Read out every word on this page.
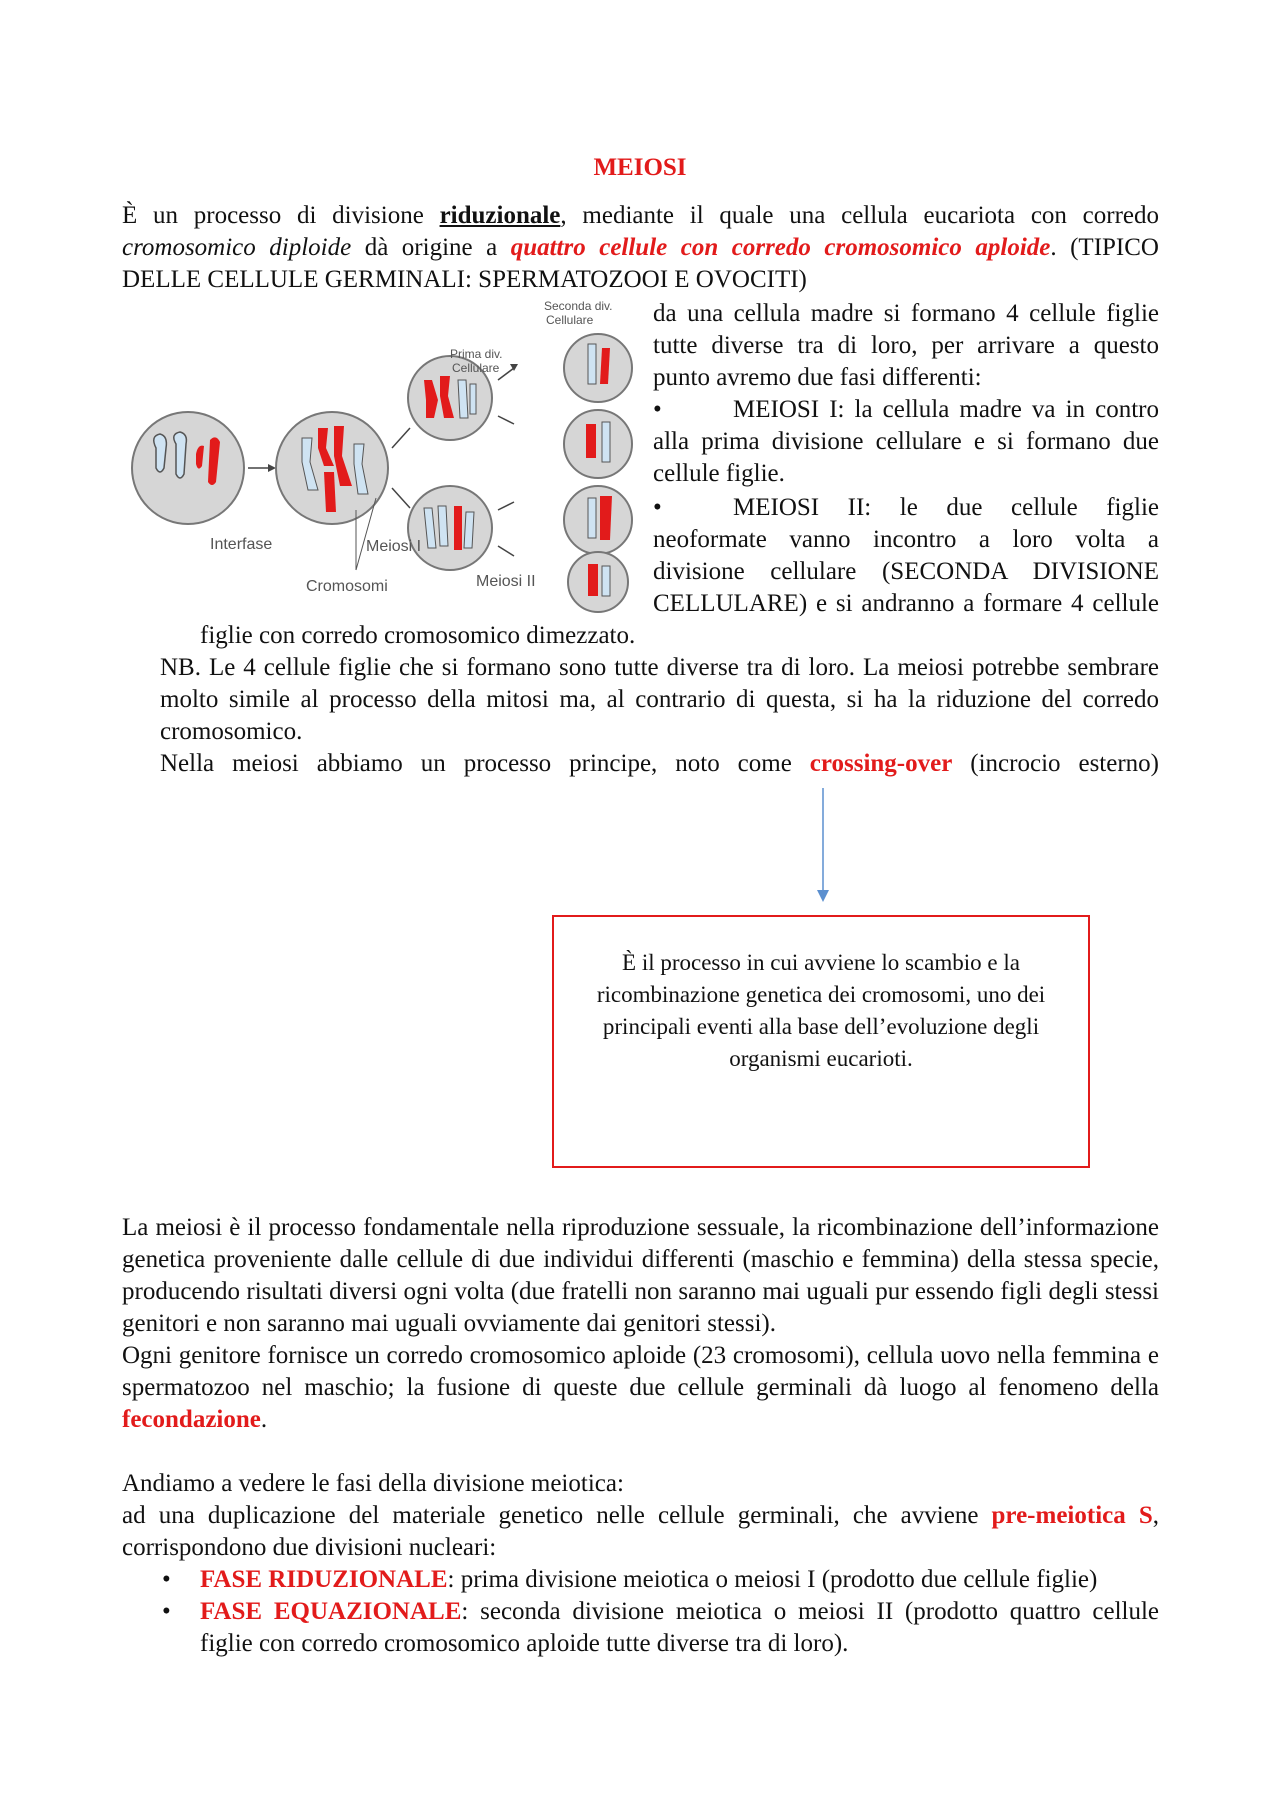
MEIOSI
È un processo di divisione riduzionale, mediante il quale una cellula eucariota con corredo cromosomico diploide dà origine a quattro cellule con corredo cromosomico aploide. (TIPICO DELLE CELLULE GERMINALI: SPERMATOZOOI E OVOCITI)
Seconda div.
Cellulare
Prima div.
Cellulare
Interfase	Meiosi I
Cromosomi	Meiosi II
da una cellula madre si formano 4 cellule figlie tutte diverse tra di loro, per arrivare a questo punto avremo due fasi differenti:
•	MEIOSI I: la cellula madre va in contro alla prima divisione cellulare e si formano due cellule figlie.
•	MEIOSI II: le due cellule figlie neoformate vanno incontro a loro volta a divisione cellulare (SECONDA DIVISIONE CELLULARE) e si andranno a formare 4 cellule
figlie con corredo cromosomico dimezzato.
NB. Le 4 cellule figlie che si formano sono tutte diverse tra di loro. La meiosi potrebbe sembrare molto simile al processo della mitosi ma, al contrario di questa, si ha la riduzione del corredo cromosomico.
Nella meiosi abbiamo un processo principe, noto come crossing-over (incrocio esterno)
È il processo in cui avviene lo scambio e la ricombinazione genetica dei cromosomi, uno dei principali eventi alla base dell’evoluzione degli organismi eucarioti.
La meiosi è il processo fondamentale nella riproduzione sessuale, la ricombinazione dell’informazione genetica proveniente dalle cellule di due individui differenti (maschio e femmina) della stessa specie, producendo risultati diversi ogni volta (due fratelli non saranno mai uguali pur essendo figli degli stessi genitori e non saranno mai uguali ovviamente dai genitori stessi).
Ogni genitore fornisce un corredo cromosomico aploide (23 cromosomi), cellula uovo nella femmina e spermatozoo nel maschio; la fusione di queste due cellule germinali dà luogo al fenomeno della fecondazione.
Andiamo a vedere le fasi della divisione meiotica:
ad una duplicazione del materiale genetico nelle cellule germinali, che avviene pre-meiotica S, corrispondono due divisioni nucleari:
• FASE RIDUZIONALE: prima divisione meiotica o meiosi I (prodotto due cellule figlie)
• FASE EQUAZIONALE: seconda divisione meiotica o meiosi II (prodotto quattro cellule figlie con corredo cromosomico aploide tutte diverse tra di loro).
